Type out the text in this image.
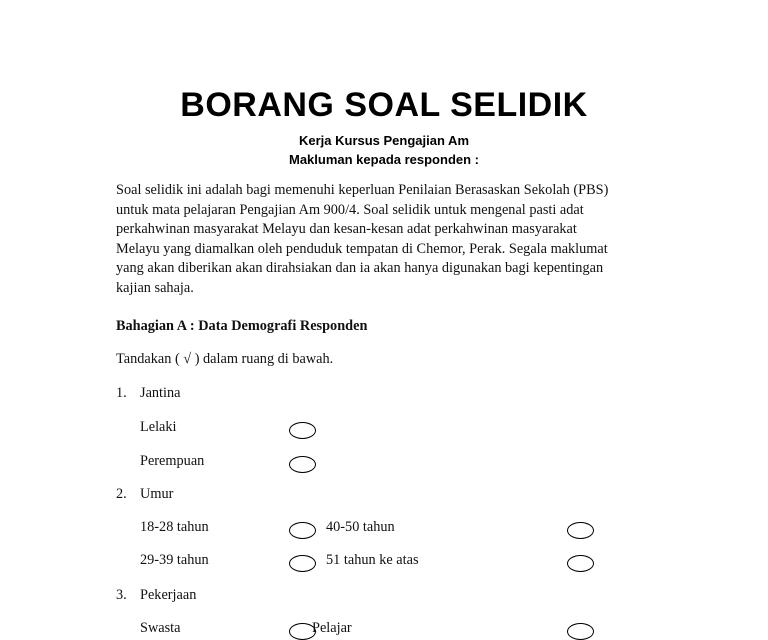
BORANG SOAL SELIDIK
Kerja Kursus Pengajian Am
Makluman kepada responden :
Soal selidik ini adalah bagi memenuhi keperluan Penilaian Berasaskan Sekolah (PBS)
untuk mata pelajaran Pengajian Am 900/4. Soal selidik untuk mengenal pasti adat
perkahwinan masyarakat Melayu dan kesan-kesan adat perkahwinan masyarakat
Melayu yang diamalkan oleh penduduk tempatan di Chemor, Perak. Segala maklumat
yang akan diberikan akan dirahsiakan dan ia akan hanya digunakan bagi kepentingan
kajian sahaja.
Bahagian A : Data Demografi Responden
Tandakan ( √ ) dalam ruang di bawah.
1. Jantina
Lelaki
Perempuan
2. Umur
18-28 tahun	40-50 tahun
29-39 tahun	51 tahun ke atas
3. Pekerjaan
Swasta	Pelajar
